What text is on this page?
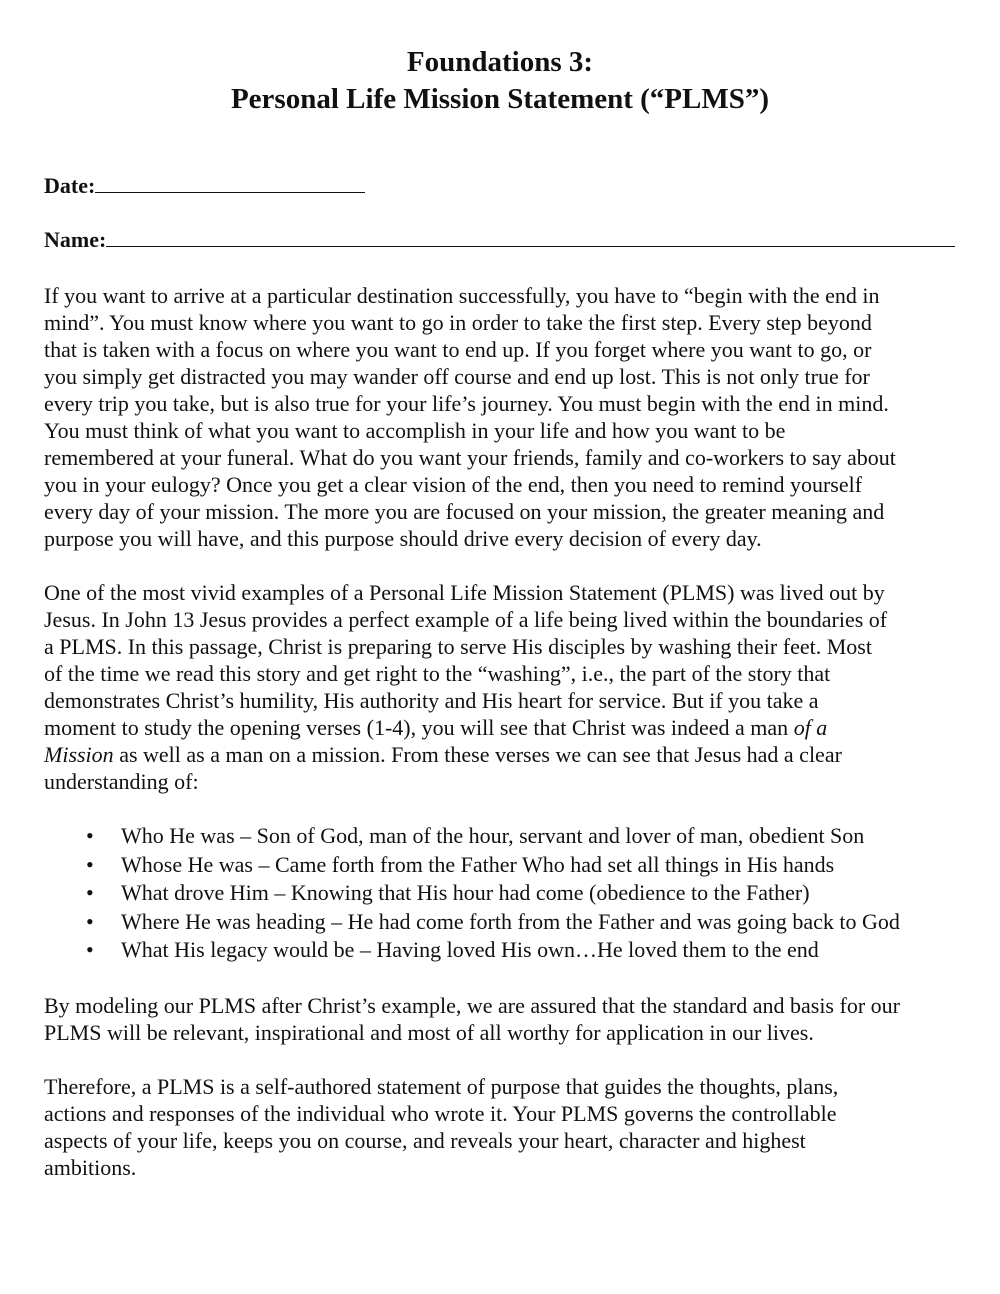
Foundations 3:
Personal Life Mission Statement (“PLMS”)
Date:
Name:
If you want to arrive at a particular destination successfully, you have to “begin with the end in
mind”. You must know where you want to go in order to take the first step. Every step beyond
that is taken with a focus on where you want to end up. If you forget where you want to go, or
you simply get distracted you may wander off course and end up lost. This is not only true for
every trip you take, but is also true for your life’s journey. You must begin with the end in mind.
You must think of what you want to accomplish in your life and how you want to be
remembered at your funeral. What do you want your friends, family and co-workers to say about
you in your eulogy? Once you get a clear vision of the end, then you need to remind yourself
every day of your mission. The more you are focused on your mission, the greater meaning and
purpose you will have, and this purpose should drive every decision of every day.
One of the most vivid examples of a Personal Life Mission Statement (PLMS) was lived out by
Jesus. In John 13 Jesus provides a perfect example of a life being lived within the boundaries of
a PLMS. In this passage, Christ is preparing to serve His disciples by washing their feet. Most
of the time we read this story and get right to the “washing”, i.e., the part of the story that
demonstrates Christ’s humility, His authority and His heart for service. But if you take a
moment to study the opening verses (1-4), you will see that Christ was indeed a man of a
Mission as well as a man on a mission. From these verses we can see that Jesus had a clear
understanding of:
•	Who He was – Son of God, man of the hour, servant and lover of man, obedient Son
•	Whose He was – Came forth from the Father Who had set all things in His hands
•	What drove Him – Knowing that His hour had come (obedience to the Father)
•	Where He was heading – He had come forth from the Father and was going back to God
•	What His legacy would be – Having loved His own…He loved them to the end
By modeling our PLMS after Christ’s example, we are assured that the standard and basis for our
PLMS will be relevant, inspirational and most of all worthy for application in our lives.
Therefore, a PLMS is a self-authored statement of purpose that guides the thoughts, plans,
actions and responses of the individual who wrote it. Your PLMS governs the controllable
aspects of your life, keeps you on course, and reveals your heart, character and highest
ambitions.
